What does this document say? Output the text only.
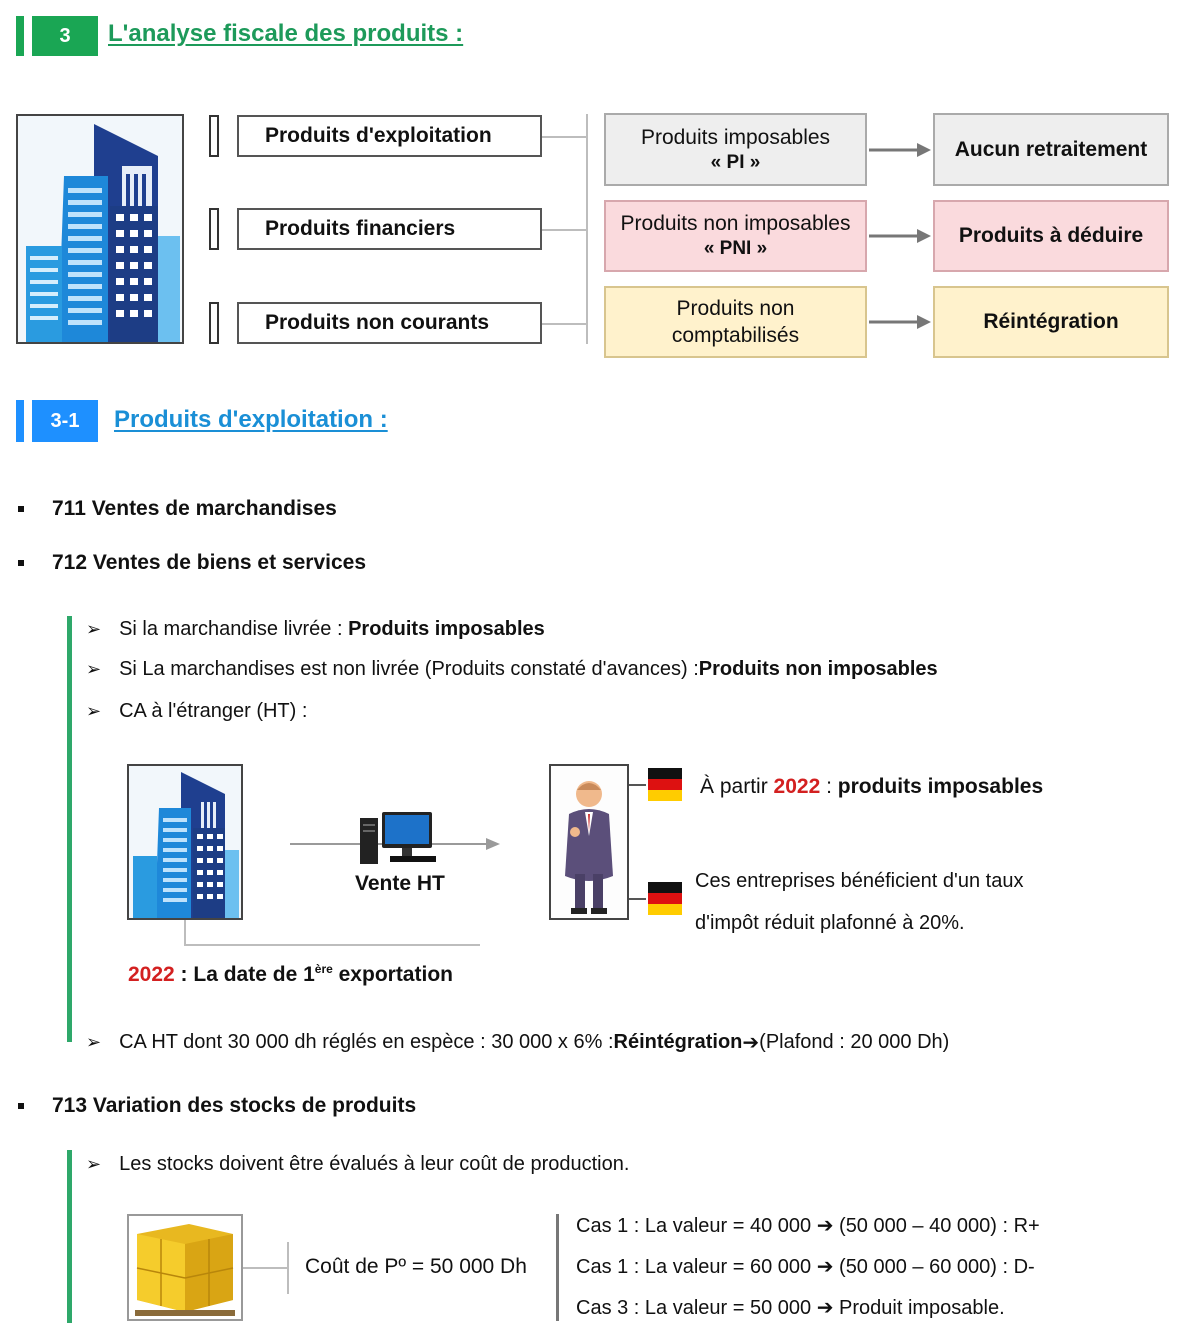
3 L'analyse fiscale des produits :
Produits d'exploitation
Produits financiers
Produits non courants
Produits imposables
« PI »
Produits non imposables
« PNI »
Produits non
comptabilisés
Aucun retraitement
Produits à déduire
Réintégration
3-1 Produits d'exploitation :
711 Ventes de marchandises
712 Ventes de biens et services
➢ Si la marchandise livrée :
Produits imposables
➢ Si La marchandises est non livrée (Produits constaté d'avances) : Produits non imposables
➢ CA à l'étranger (HT) :
Vente HT
2022 : La date de 1ère exportation
À partir 2022 : produits imposables
Ces entreprises bénéficient d'un taux
d'impôt réduit plafonné à 20%.
➢ CA HT dont 30 000 dh réglés en espèce : 30 000 x 6% : Réintégration ➔ (Plafond : 20 000 Dh)
713 Variation des stocks de produits
➢ Les stocks doivent être évalués à leur coût de production.
Coût de Pº = 50 000 Dh
Cas 1 : La valeur = 40 000 ➔ (50 000 – 40 000) : R+
Cas 1 : La valeur = 60 000 ➔ (50 000 – 60 000) : D-
Cas 3 : La valeur = 50 000 ➔ Produit imposable.
